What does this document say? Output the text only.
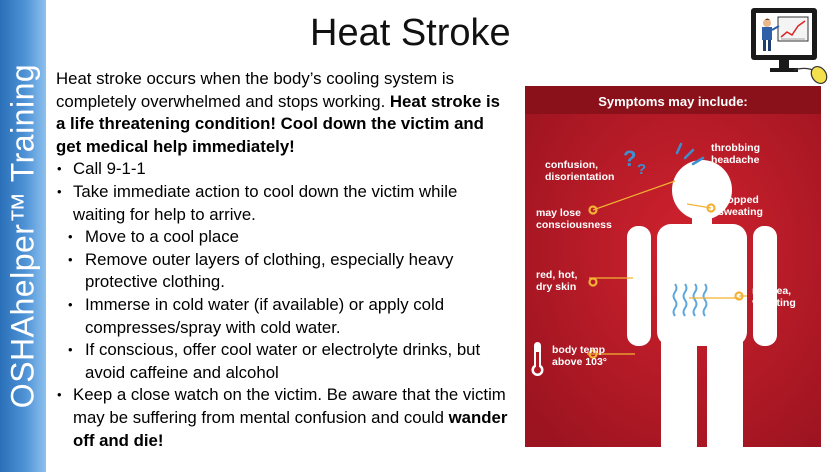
OSHAhelper™ Training
Heat Stroke

Heat stroke occurs when the body’s cooling system is completely overwhelmed and stops working. Heat stroke is a life threatening condition! Cool down the victim and get medical help immediately!

• Call 9-1-1
• Take immediate action to cool down the victim while waiting for help to arrive.
• Move to a cool place
• Remove outer layers of clothing, especially heavy protective clothing.
• Immerse in cold water (if available) or apply cold compresses/spray with cold water.
• If conscious, offer cool water or electrolyte drinks, but avoid caffeine and alcohol
• Keep a close watch on the victim. Be aware that the victim may be suffering from mental confusion and could wander off and die!
? ?
Symptoms may include:
confusion,
disorientation
throbbing
headache
may lose
consciousness
stopped
sweating
red, hot,
dry skin	nausea,
vomiting
body temp
above 103°
